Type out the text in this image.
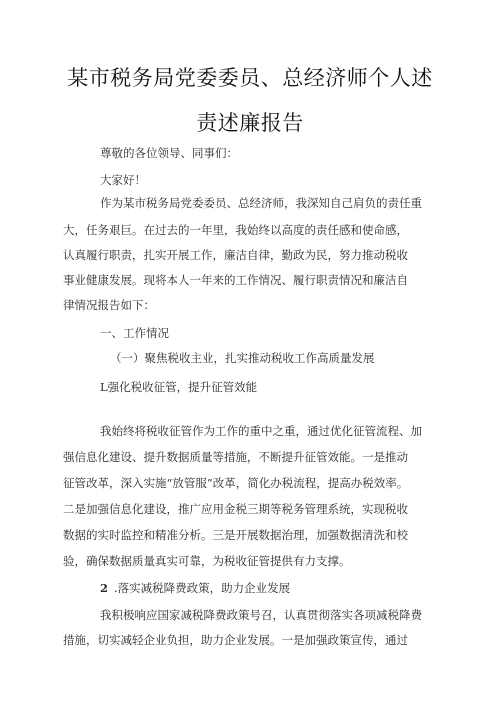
某市税务局党委委员、总经济师个人述
责述廉报告
尊敬的各位领导、同事们：
大家好！
作为某市税务局党委委员、总经济师，我深知自己肩负的责任重
大，任务艰巨。在过去的一年里，我始终以高度的责任感和使命感，
认真履行职责，扎实开展工作，廉洁自律，勤政为民，努力推动税收
事业健康发展。现将本人一年来的工作情况、履行职责情况和廉洁自
律情况报告如下：
一、工作情况
（一）聚焦税收主业，扎实推动税收工作高质量发展
L强化税收征管，提升征管效能
我始终将税收征管作为工作的重中之重，通过优化征管流程、加
强信息化建设、提升数据质量等措施，不断提升征管效能。一是推动
征管改革，深入实施“放管服”改革，简化办税流程，提高办税效率。
二是加强信息化建设，推广应用金税三期等税务管理系统，实现税收
数据的实时监控和精准分析。三是开展数据治理，加强数据清洗和校
验，确保数据质量真实可靠，为税收征管提供有力支撑。
2 .落实减税降费政策，助力企业发展
我积极响应国家减税降费政策号召，认真贯彻落实各项减税降费
措施，切实减轻企业负担，助力企业发展。一是加强政策宣传，通过
